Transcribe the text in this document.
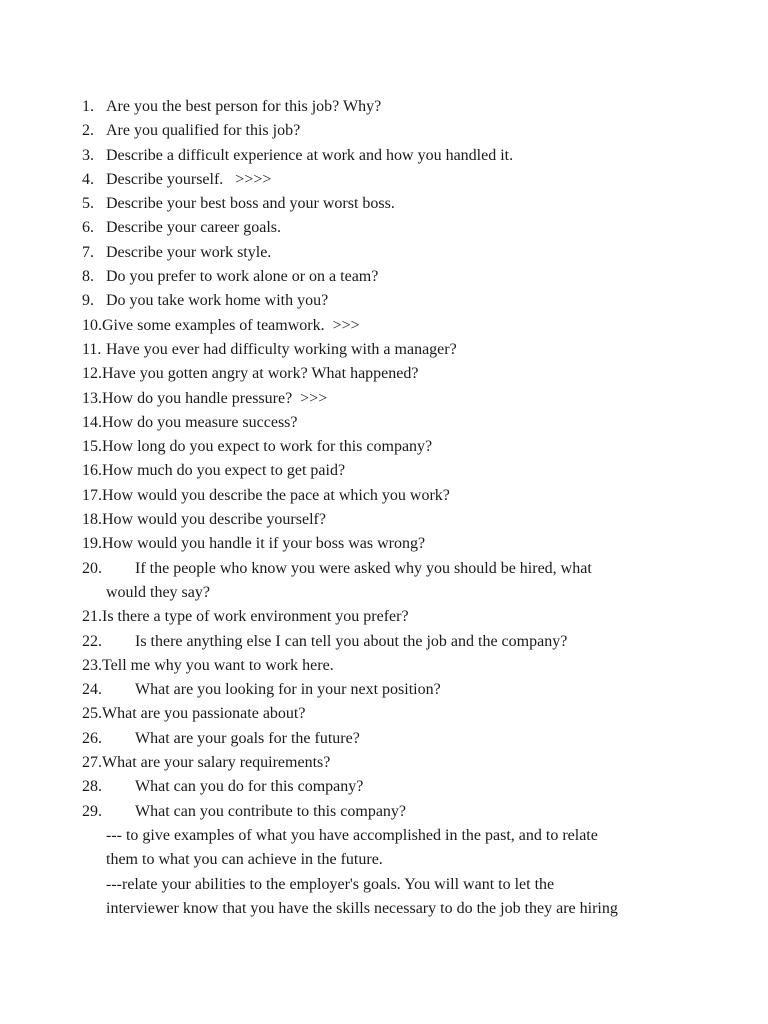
1. Are you the best person for this job? Why?
2. Are you qualified for this job?
3. Describe a difficult experience at work and how you handled it.
4. Describe yourself.   >>>>
5. Describe your best boss and your worst boss.
6. Describe your career goals.
7. Describe your work style.
8. Do you prefer to work alone or on a team?
9. Do you take work home with you?
10. Give some examples of teamwork.  >>>
11. Have you ever had difficulty working with a manager?
12. Have you gotten angry at work? What happened?
13. How do you handle pressure?  >>>
14. How do you measure success?
15. How long do you expect to work for this company?
16. How much do you expect to get paid?
17. How would you describe the pace at which you work?
18. How would you describe yourself?
19. How would you handle it if your boss was wrong?
20.	If the people who know you were asked why you should be hired, what
would they say?
21. Is there a type of work environment you prefer?
22.	Is there anything else I can tell you about the job and the company?
23. Tell me why you want to work here.
24.	What are you looking for in your next position?
25. What are you passionate about?
26.	What are your goals for the future?
27. What are your salary requirements?
28.	What can you do for this company?
29.	What can you contribute to this company?
--- to give examples of what you have accomplished in the past, and to relate
them to what you can achieve in the future.
---relate your abilities to the employer's goals. You will want to let the
interviewer know that you have the skills necessary to do the job they are hiring
